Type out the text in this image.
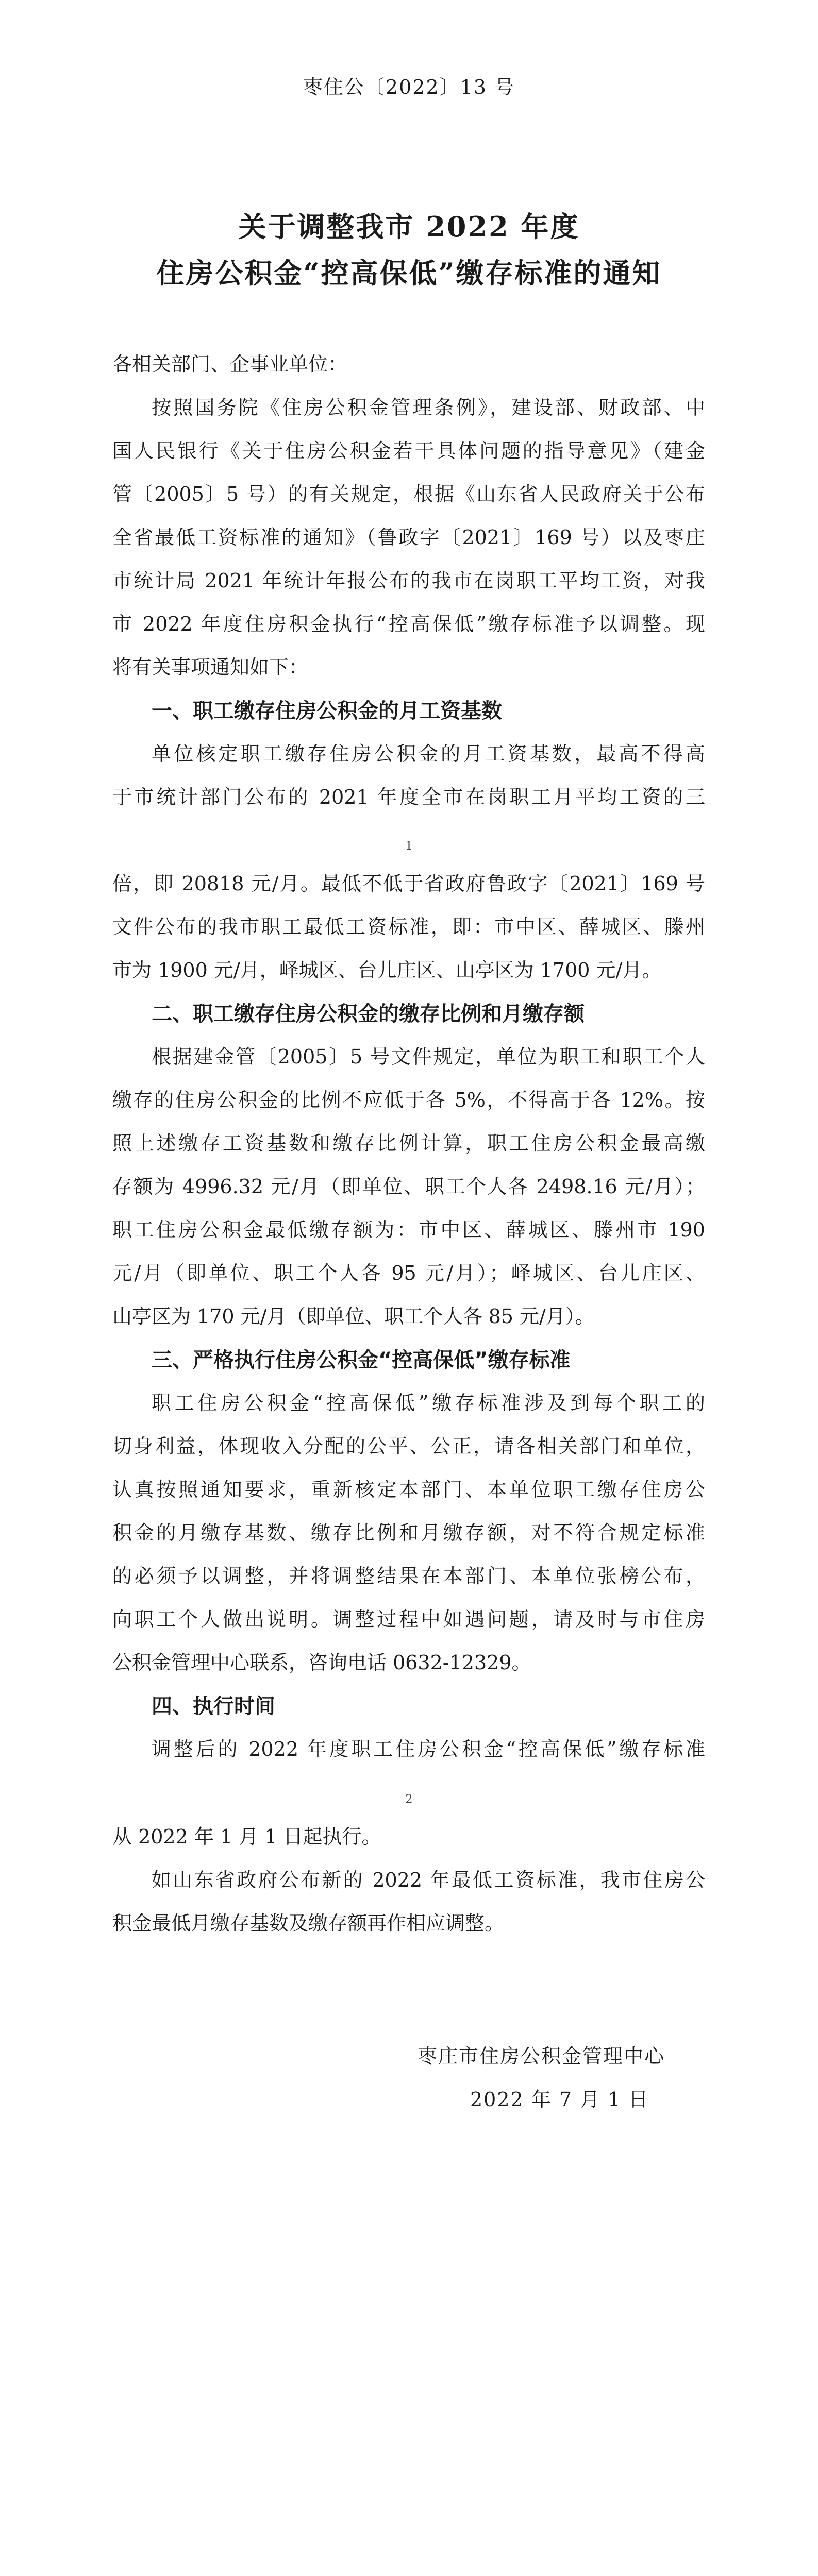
枣住公〔2022〕13 号
关于调整我市 2022 年度
住房公积金“控高保低”缴存标准的通知
各相关部门、企事业单位：
按照国务院《住房公积金管理条例》，建设部、财政部、中
国人民银行《关于住房公积金若干具体问题的指导意见》（建金
管〔2005〕5 号）的有关规定，根据《山东省人民政府关于公布
全省最低工资标准的通知》（鲁政字〔2021〕169 号）以及枣庄
市统计局 2021 年统计年报公布的我市在岗职工平均工资，对我
市 2022 年度住房积金执行“控高保低”缴存标准予以调整。现
将有关事项通知如下：
一、职工缴存住房公积金的月工资基数
单位核定职工缴存住房公积金的月工资基数，最高不得高
于市统计部门公布的 2021 年度全市在岗职工月平均工资的三
1
倍，即 20818 元/月。最低不低于省政府鲁政字〔2021〕169 号
文件公布的我市职工最低工资标准，即：市中区、薛城区、滕州
市为 1900 元/月，峄城区、台儿庄区、山亭区为 1700 元/月。
二、职工缴存住房公积金的缴存比例和月缴存额
根据建金管〔2005〕5 号文件规定，单位为职工和职工个人
缴存的住房公积金的比例不应低于各 5%，不得高于各 12%。按
照上述缴存工资基数和缴存比例计算，职工住房公积金最高缴
存额为 4996.32 元/月（即单位、职工个人各 2498.16 元/月）；
职工住房公积金最低缴存额为：市中区、薛城区、滕州市 190
元/月（即单位、职工个人各 95 元/月）；峄城区、台儿庄区、
山亭区为 170 元/月（即单位、职工个人各 85 元/月）。
三、严格执行住房公积金“控高保低”缴存标准
职工住房公积金“控高保低”缴存标准涉及到每个职工的
切身利益，体现收入分配的公平、公正，请各相关部门和单位，
认真按照通知要求，重新核定本部门、本单位职工缴存住房公
积金的月缴存基数、缴存比例和月缴存额，对不符合规定标准
的必须予以调整，并将调整结果在本部门、本单位张榜公布，
向职工个人做出说明。调整过程中如遇问题，请及时与市住房
公积金管理中心联系，咨询电话 0632-12329。
四、执行时间
调整后的 2022 年度职工住房公积金“控高保低”缴存标准
2
从 2022 年 1 月 1 日起执行。
如山东省政府公布新的 2022 年最低工资标准，我市住房公
积金最低月缴存基数及缴存额再作相应调整。
枣庄市住房公积金管理中心
2022 年 7 月 1 日
